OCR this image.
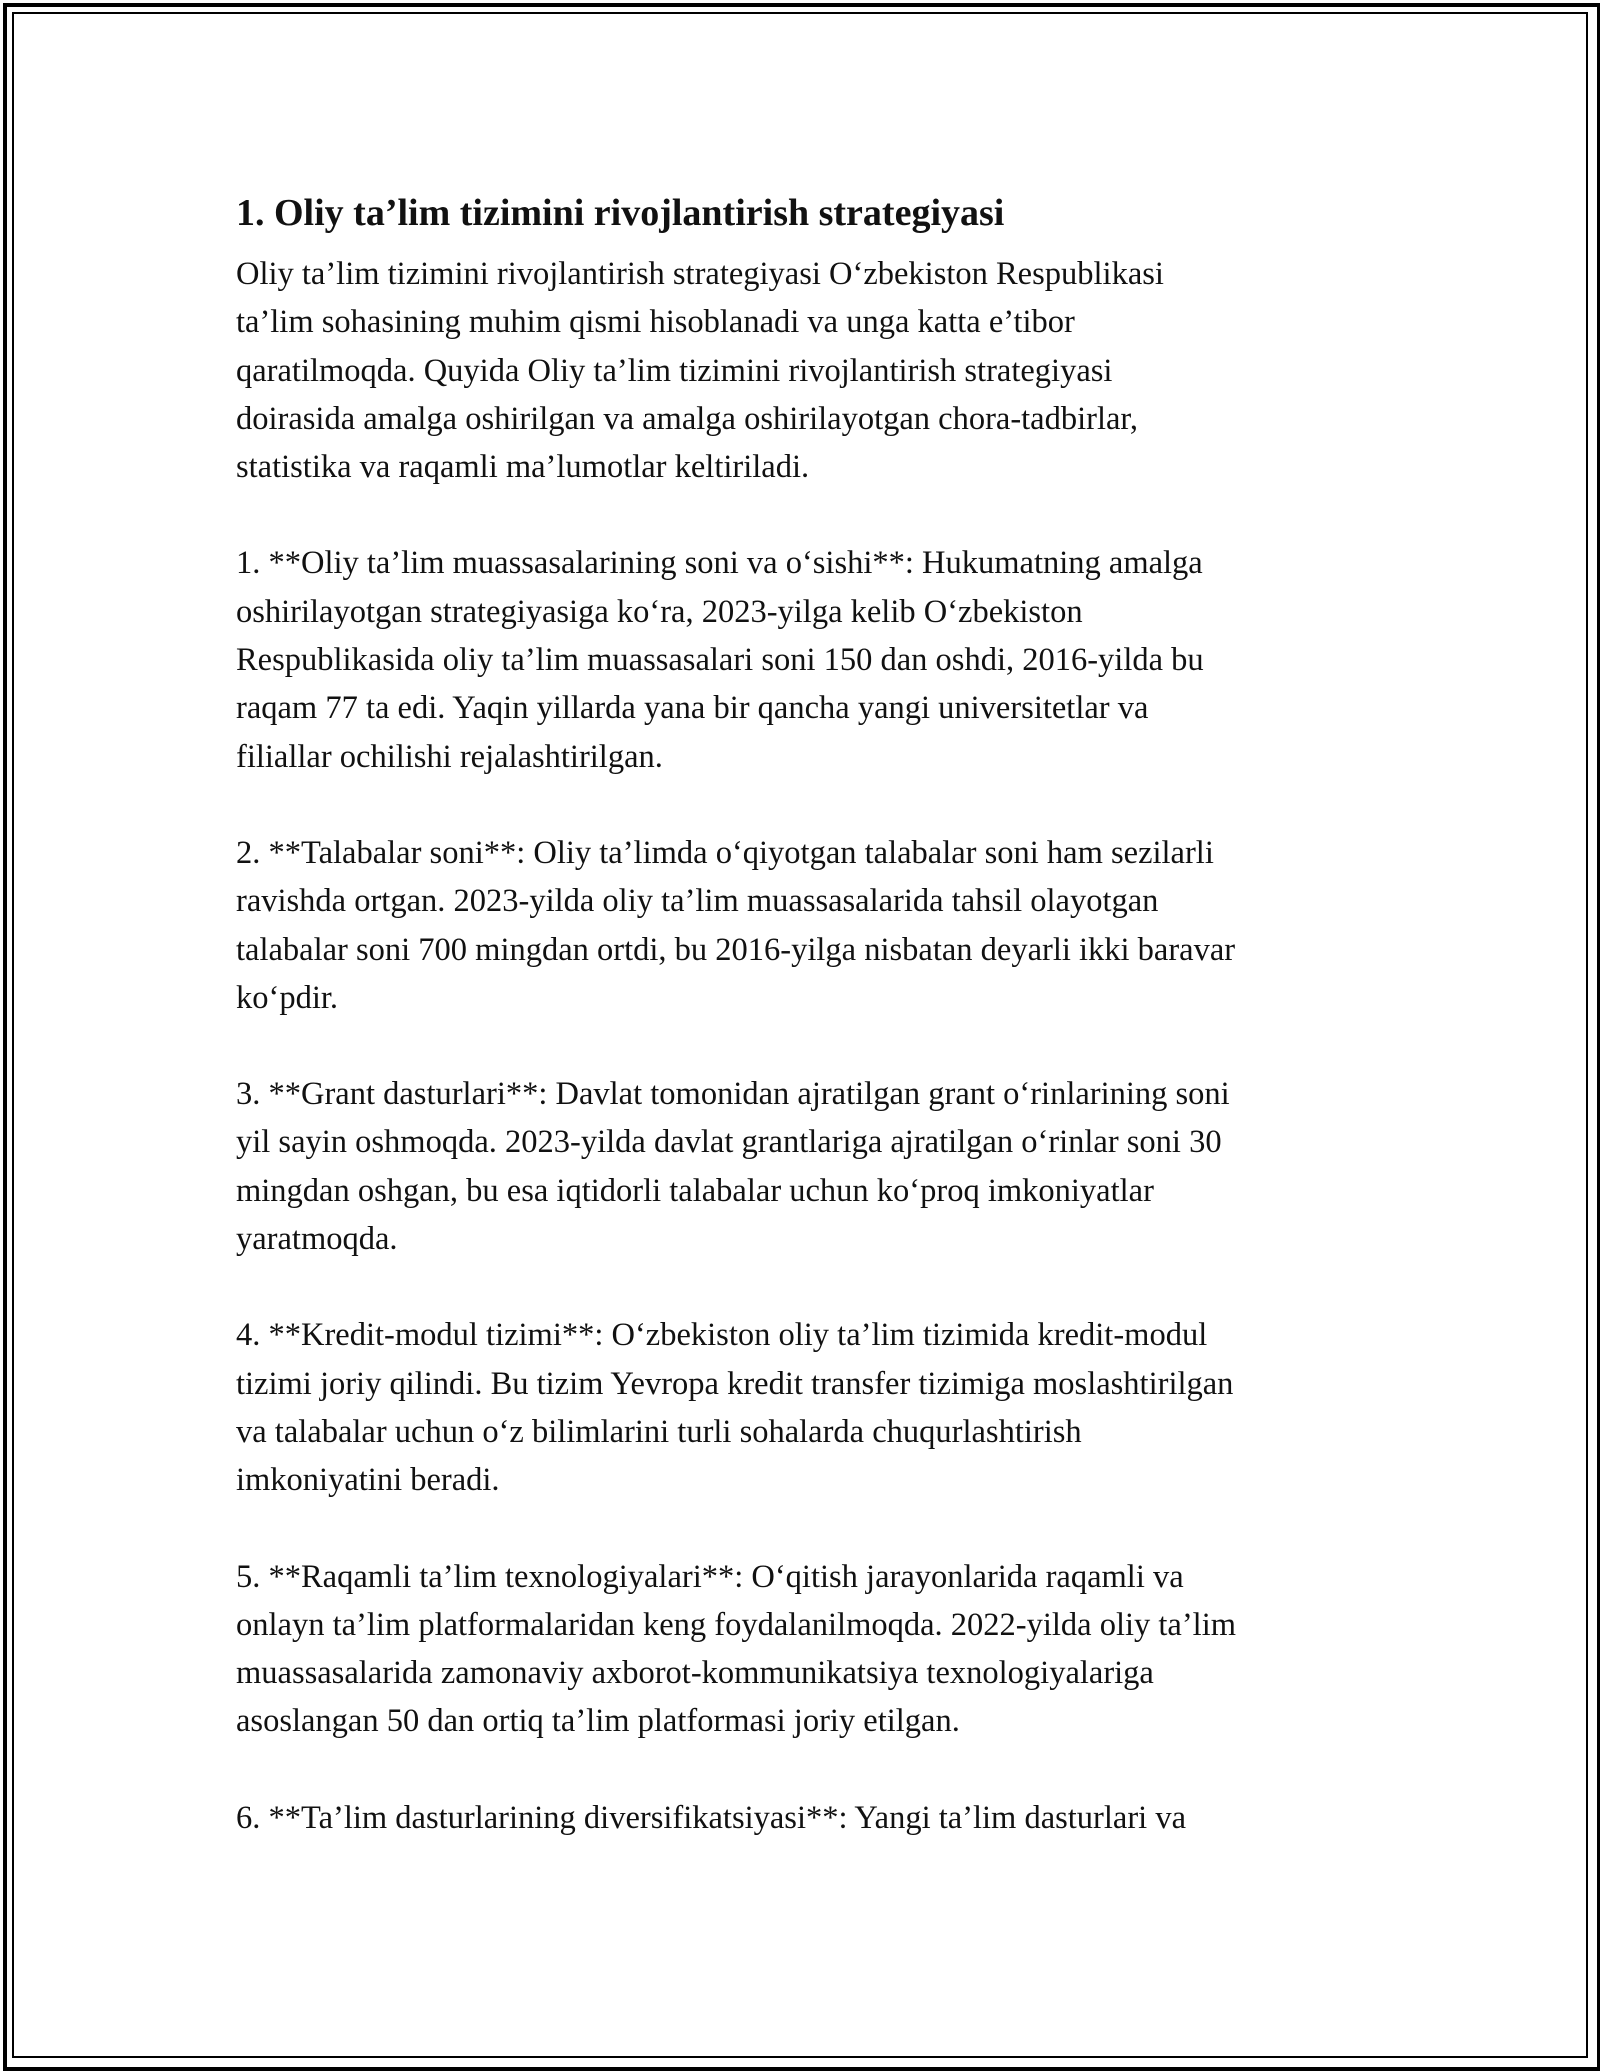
1. Oliy ta’lim tizimini rivojlantirish strategiyasi

Oliy ta’lim tizimini rivojlantirish strategiyasi O‘zbekiston Respublikasi
ta’lim sohasining muhim qismi hisoblanadi va unga katta e’tibor
qaratilmoqda. Quyida Oliy ta’lim tizimini rivojlantirish strategiyasi
doirasida amalga oshirilgan va amalga oshirilayotgan chora-tadbirlar,
statistika va raqamli ma’lumotlar keltiriladi.

1. **Oliy ta’lim muassasalarining soni va o‘sishi**: Hukumatning amalga
oshirilayotgan strategiyasiga ko‘ra, 2023-yilga kelib O‘zbekiston
Respublikasida oliy ta’lim muassasalari soni 150 dan oshdi, 2016-yilda bu
raqam 77 ta edi. Yaqin yillarda yana bir qancha yangi universitetlar va
filiallar ochilishi rejalashtirilgan.

2. **Talabalar soni**: Oliy ta’limda o‘qiyotgan talabalar soni ham sezilarli
ravishda ortgan. 2023-yilda oliy ta’lim muassasalarida tahsil olayotgan
talabalar soni 700 mingdan ortdi, bu 2016-yilga nisbatan deyarli ikki baravar
ko‘pdir.

3. **Grant dasturlari**: Davlat tomonidan ajratilgan grant o‘rinlarining soni
yil sayin oshmoqda. 2023-yilda davlat grantlariga ajratilgan o‘rinlar soni 30
mingdan oshgan, bu esa iqtidorli talabalar uchun ko‘proq imkoniyatlar
yaratmoqda.

4. **Kredit-modul tizimi**: O‘zbekiston oliy ta’lim tizimida kredit-modul
tizimi joriy qilindi. Bu tizim Yevropa kredit transfer tizimiga moslashtirilgan
va talabalar uchun o‘z bilimlarini turli sohalarda chuqurlashtirish
imkoniyatini beradi.

5. **Raqamli ta’lim texnologiyalari**: O‘qitish jarayonlarida raqamli va
onlayn ta’lim platformalaridan keng foydalanilmoqda. 2022-yilda oliy ta’lim
muassasalarida zamonaviy axborot-kommunikatsiya texnologiyalariga
asoslangan 50 dan ortiq ta’lim platformasi joriy etilgan.

6. **Ta’lim dasturlarining diversifikatsiyasi**: Yangi ta’lim dasturlari va
